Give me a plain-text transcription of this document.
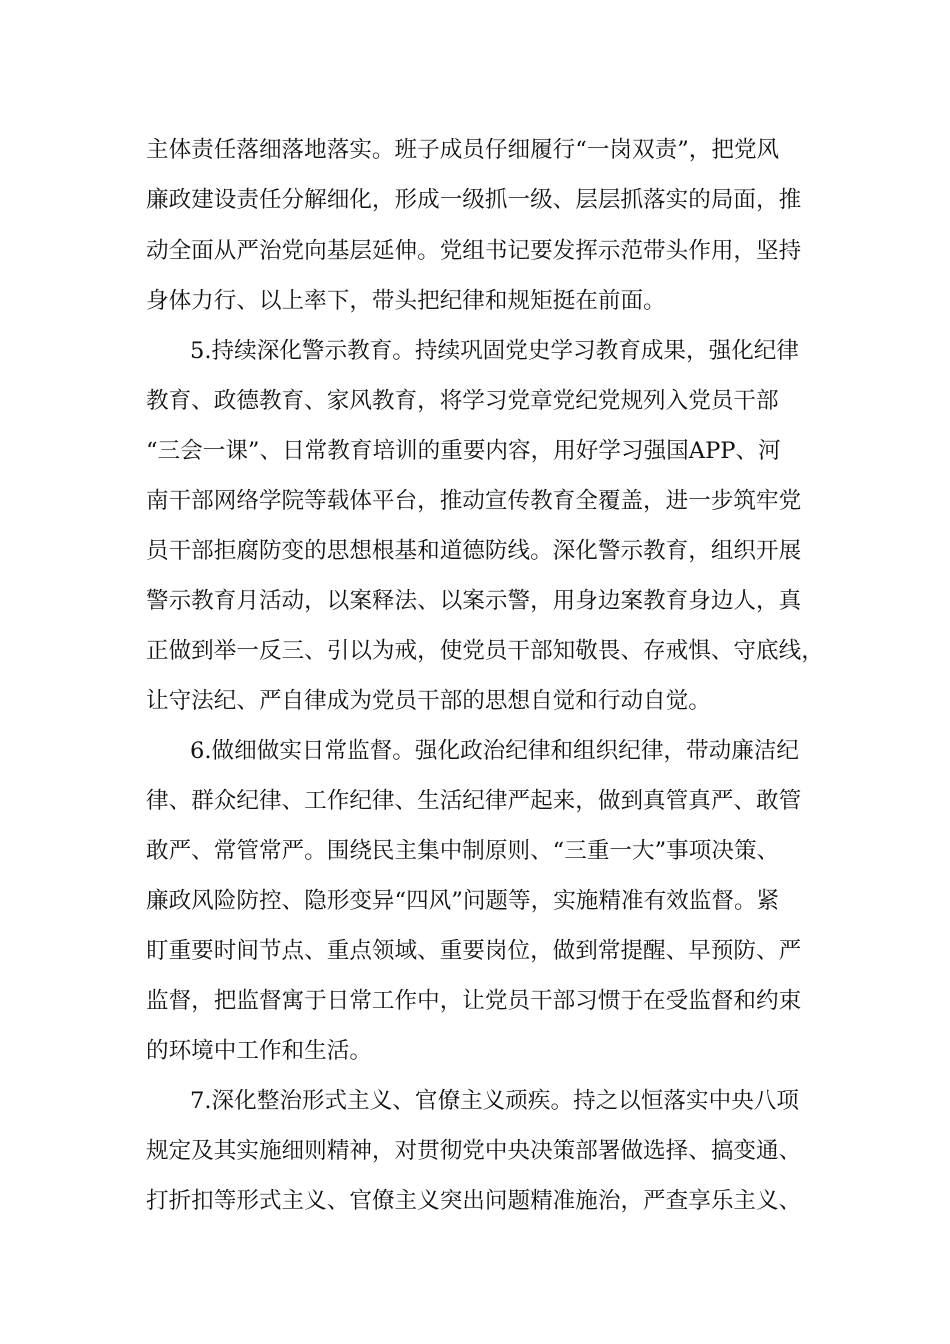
主体责任落细落地落实。班子成员仔细履行“一岗双责”，把党风
廉政建设责任分解细化，形成一级抓一级、层层抓落实的局面，推
动全面从严治党向基层延伸。党组书记要发挥示范带头作用，坚持
身体力行、以上率下，带头把纪律和规矩挺在前面。
5.持续深化警示教育。持续巩固党史学习教育成果，强化纪律
教育、政德教育、家风教育，将学习党章党纪党规列入党员干部
“三会一课”、日常教育培训的重要内容，用好学习强国APP、河
南干部网络学院等载体平台，推动宣传教育全覆盖，进一步筑牢党
员干部拒腐防变的思想根基和道德防线。深化警示教育，组织开展
警示教育月活动，以案释法、以案示警，用身边案教育身边人，真
正做到举一反三、引以为戒，使党员干部知敬畏、存戒惧、守底线，
让守法纪、严自律成为党员干部的思想自觉和行动自觉。
6.做细做实日常监督。强化政治纪律和组织纪律，带动廉洁纪
律、群众纪律、工作纪律、生活纪律严起来，做到真管真严、敢管
敢严、常管常严。围绕民主集中制原则、“三重一大”事项决策、
廉政风险防控、隐形变异“四风”问题等，实施精准有效监督。紧
盯重要时间节点、重点领域、重要岗位，做到常提醒、早预防、严
监督，把监督寓于日常工作中，让党员干部习惯于在受监督和约束
的环境中工作和生活。
7.深化整治形式主义、官僚主义顽疾。持之以恒落实中央八项
规定及其实施细则精神，对贯彻党中央决策部署做选择、搞变通、
打折扣等形式主义、官僚主义突出问题精准施治，严查享乐主义、
